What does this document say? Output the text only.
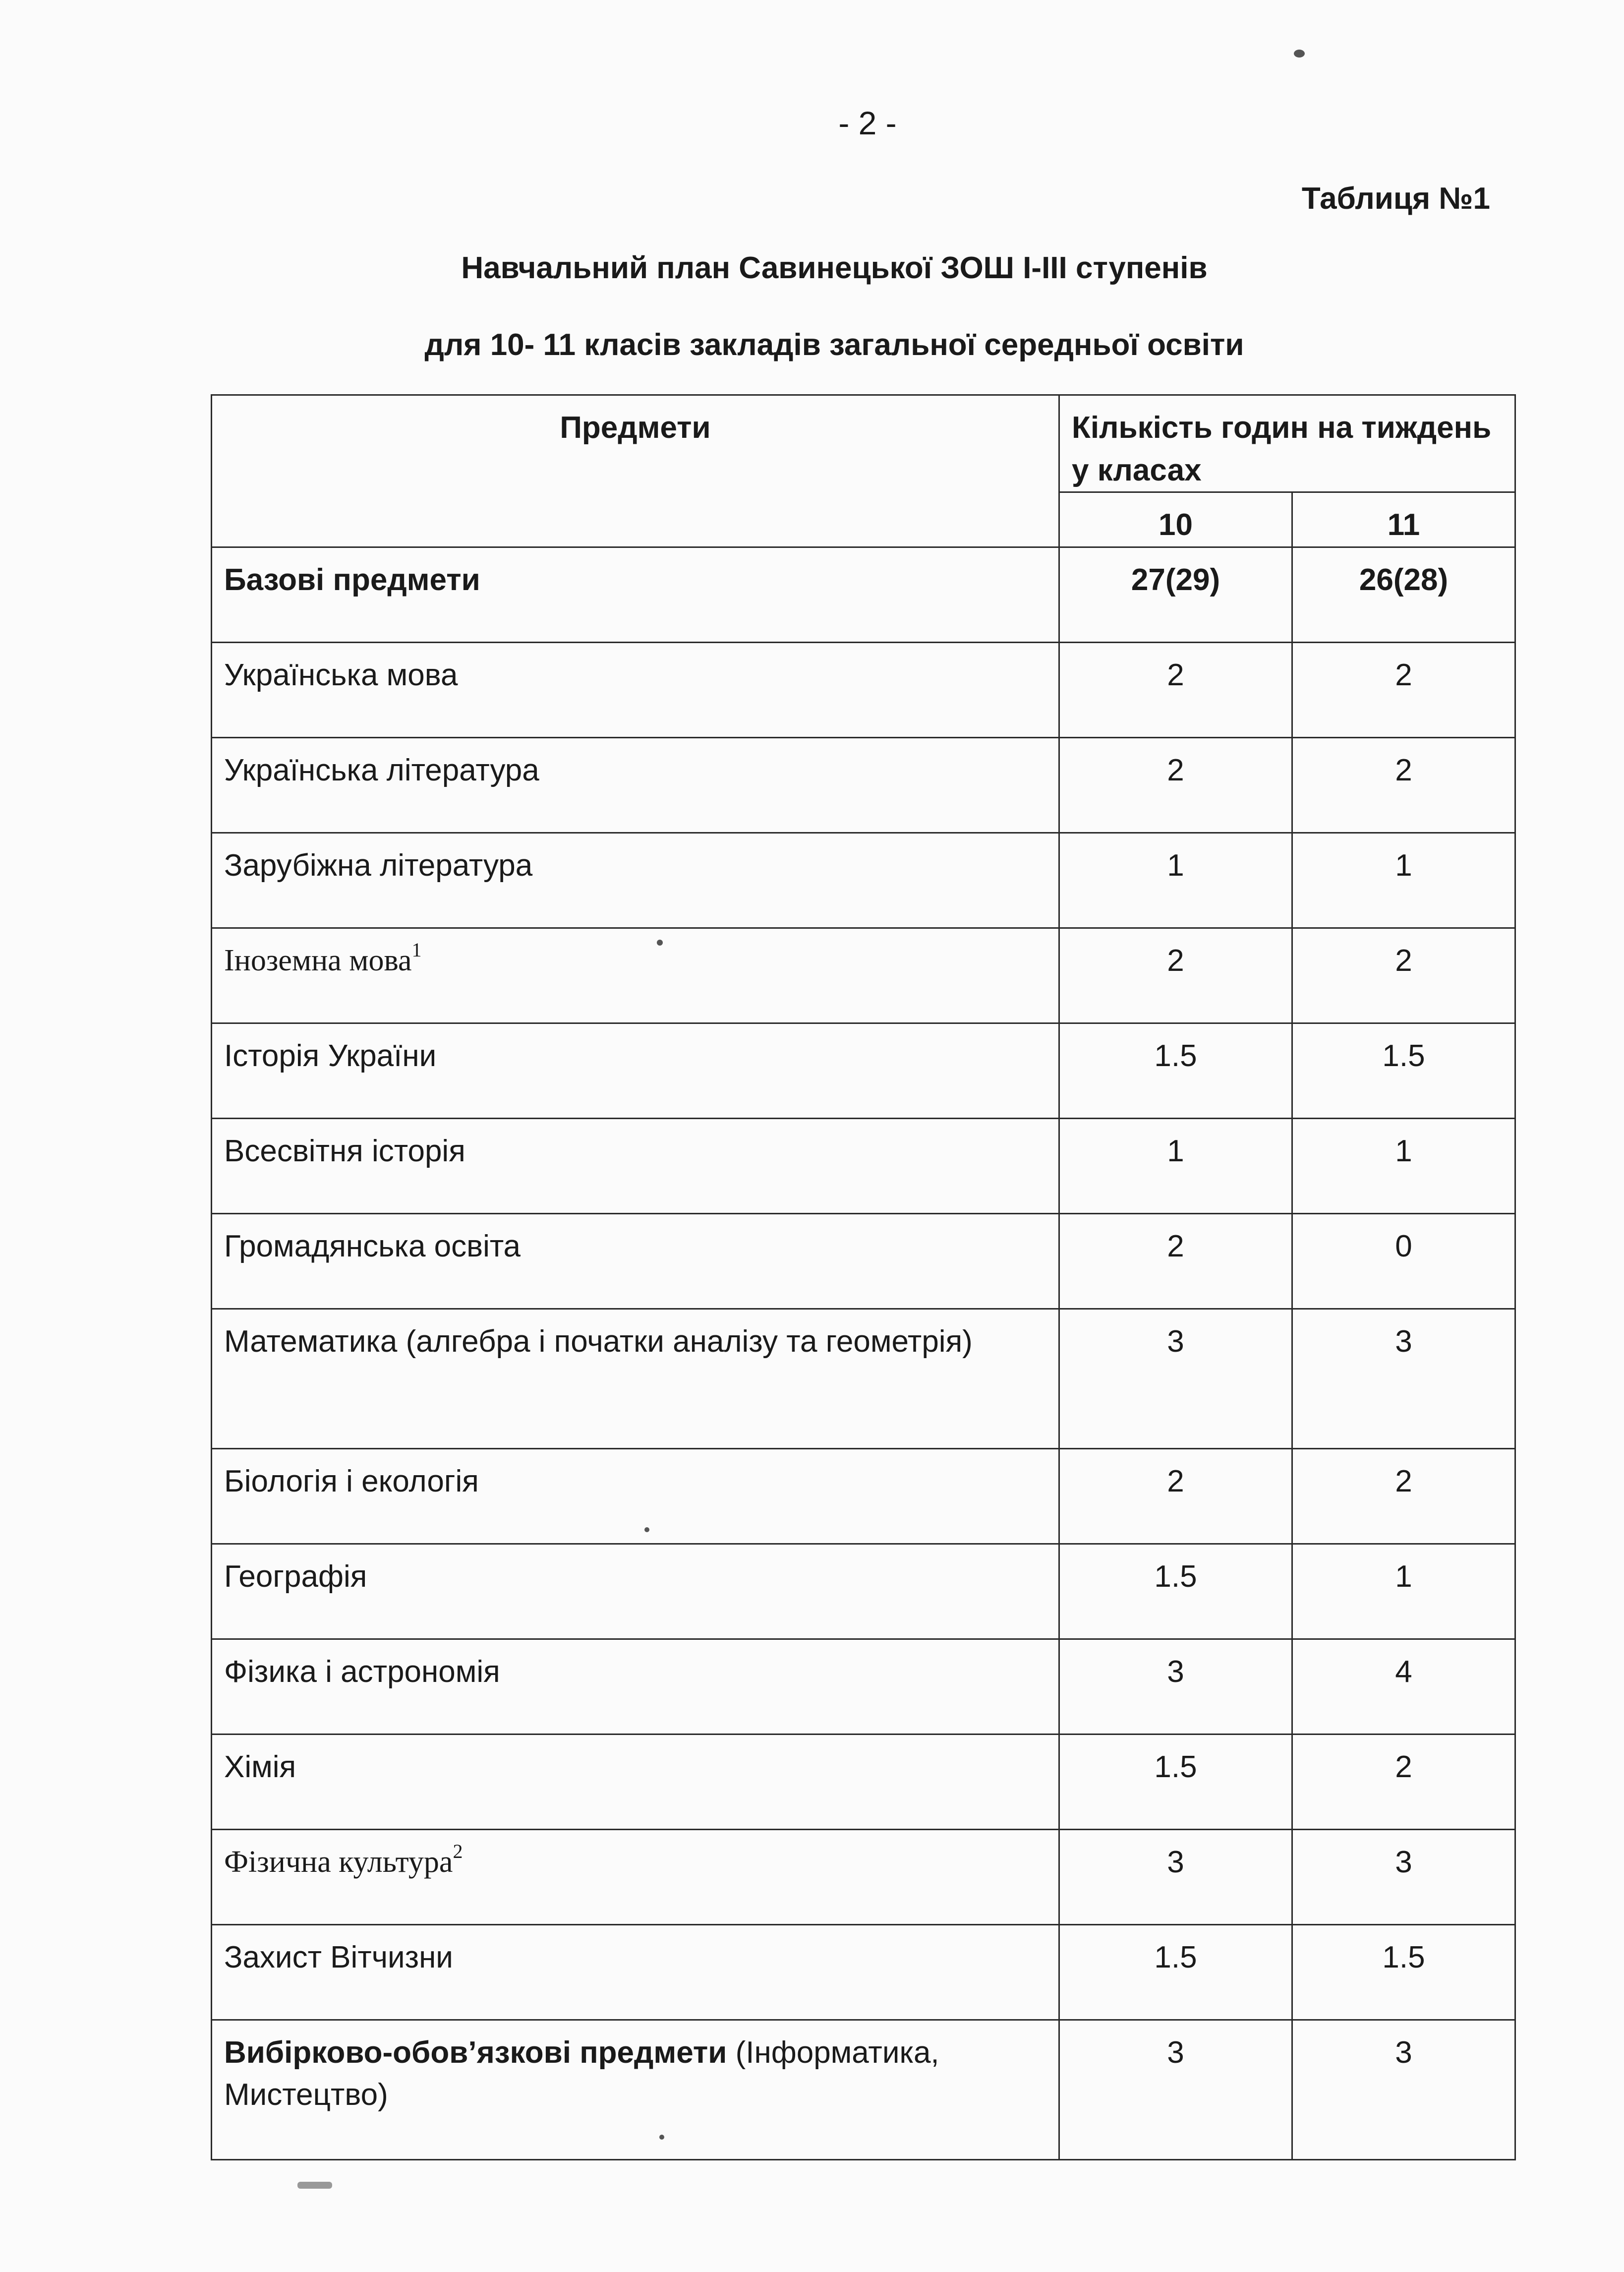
- 2 -
Таблиця №1
Навчальний план Савинецької ЗОШ І-ІІІ ступенів
для 10- 11 класів закладів загальної середньої освіти
Предмети	Кількість годин на тиждень у класах	
	10	11
Базові предмети	27(29)	26(28)
Українська мова	2	2
Українська література	2	2
Зарубіжна література	1	1
Іноземна мова$^1$	2	2
Історія України	1.5	1.5
Всесвітня історія	1	1
Громадянська освіта	2	0
Математика (алгебра і початки аналізу та геометрія)	3	3
Біологія і екологія	2	2
Географія	1.5	1
Фізика і астрономія	3	4
Хімія	1.5	2
Фізична культура$^2$	3	3
Захист Вітчизни	1.5	1.5
Вибірково-обов’язкові предмети (Інформатика, Мистецтво)	3	3
